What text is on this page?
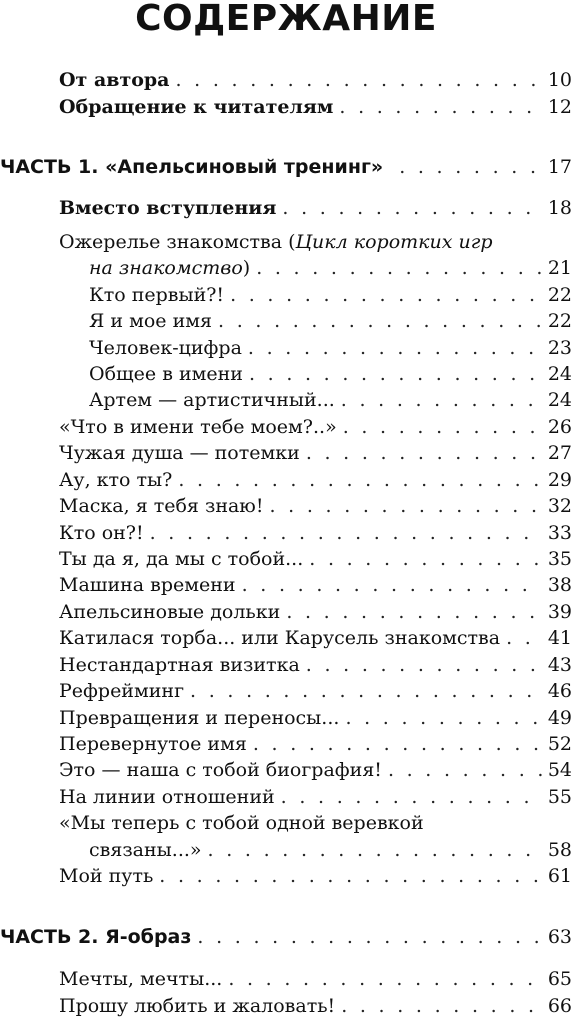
СОДЕРЖАНИЕ
От автора . . .	10
Обращение к читателям . . .	12
ЧАСТЬ 1. «Апельсиновый тренинг» . . .	17
Вместо вступления . . .	18
Ожерелье знакомства (Цикл коротких игр
на знакомство) . . .	21
Кто первый?! . . .	22
Я и мое имя . . .	22
Человек-цифра . . .	23
Общее в имени . . .	24
Артем — артистичный... . . .	24
«Что в имени тебе моем?..» . . .	26
Чужая душа — потемки . . .	27
Ау, кто ты? . . .	29
Маска, я тебя знаю! . . .	32
Кто он?! . . .	33
Ты да я, да мы с тобой... . . .	35
Машина времени . . .	38
Апельсиновые дольки . . .	39
Катилася торба... или Карусель знакомства . . .	41
Нестандартная визитка . . .	43
Рефрейминг . . .	46
Превращения и переносы... . . .	49
Перевернутое имя . . .	52
Это — наша с тобой биография! . . .	54
На линии отношений . . .	55
«Мы теперь с тобой одной веревкой
связаны...» . . .	58
Мой путь . . .	61
ЧАСТЬ 2. Я-образ . . .	63
Мечты, мечты... . . .	65
Прошу любить и жаловать! . . .	66
